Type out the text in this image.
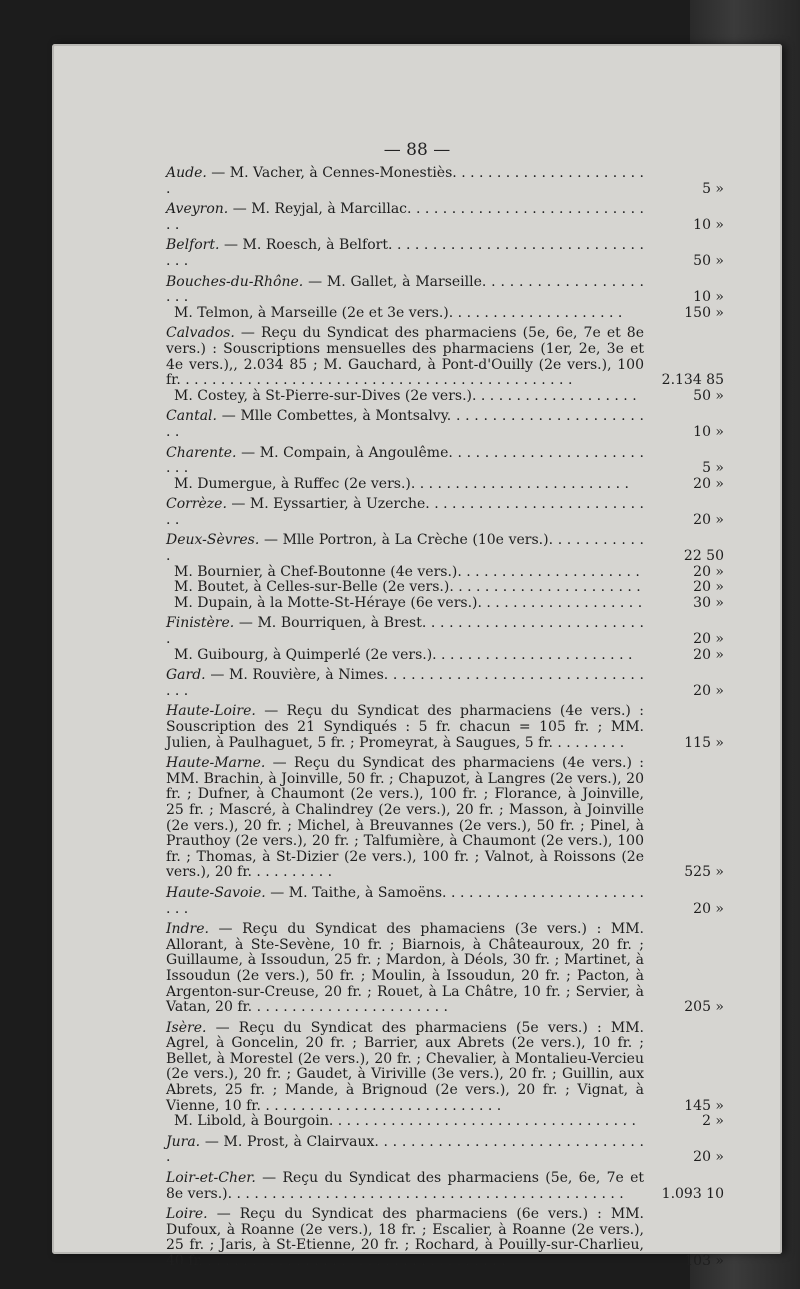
— 88 —
Aude. — M. Vacher, à Cennes-Monestiès. . . . . . . . . . . . . . . . . . . . . . .	5 »
Aveyron. — M. Reyjal, à Marcillac. . . . . . . . . . . . . . . . . . . . . . . . . . . . .	10 »
Belfort. — M. Roesch, à Belfort. . . . . . . . . . . . . . . . . . . . . . . . . . . . . . . .	50 »
Bouches-du-Rhône. — M. Gallet, à Marseille. . . . . . . . . . . . . . . . . . . . .	10 »
M. Telmon, à Marseille (2e et 3e vers.). . . . . . . . . . . . . . . . . . . .	150 »
Calvados. — Reçu du Syndicat des pharmaciens (5e, 6e, 7e et 8e vers.) : Souscriptions mensuelles des pharmaciens (1er, 2e, 3e et 4e vers.),, 2.034 85 ; M. Gauchard, à Pont-d'Ouilly (2e vers.), 100 fr. . . . . . . . . . . . . . . . . . . . . . . . . . . . . . . . . . . . . . . . . . . . .	2.134 85
M. Costey, à St-Pierre-sur-Dives (2e vers.). . . . . . . . . . . . . . . . . . .	50 »
Cantal. — Mlle Combettes, à Montsalvy. . . . . . . . . . . . . . . . . . . . . . . .	10 »
Charente. — M. Compain, à Angoulême. . . . . . . . . . . . . . . . . . . . . . . . .	5 »
M. Dumergue, à Ruffec (2e vers.). . . . . . . . . . . . . . . . . . . . . . . . .	20 »
Corrèze. — M. Eyssartier, à Uzerche. . . . . . . . . . . . . . . . . . . . . . . . . . .	20 »
Deux-Sèvres. — Mlle Portron, à La Crèche (10e vers.). . . . . . . . . . . .	22 50
M. Bournier, à Chef-Boutonne (4e vers.). . . . . . . . . . . . . . . . . . . . .	20 »
M. Boutet, à Celles-sur-Belle (2e vers.). . . . . . . . . . . . . . . . . . . . . .	20 »
M. Dupain, à la Motte-St-Héraye (6e vers.). . . . . . . . . . . . . . . . . . .	30 »
Finistère. — M. Bourriquen, à Brest. . . . . . . . . . . . . . . . . . . . . . . . . .	20 »
M. Guibourg, à Quimperlé (2e vers.). . . . . . . . . . . . . . . . . . . . . . .	20 »
Gard. — M. Rouvière, à Nimes. . . . . . . . . . . . . . . . . . . . . . . . . . . . . . . .	20 »
Haute-Loire. — Reçu du Syndicat des pharmaciens (4e vers.) : Souscription des 21 Syndiqués : 5 fr. chacun = 105 fr. ; MM. Julien, à Paulhaguet, 5 fr. ; Promeyrat, à Saugues, 5 fr. . . . . . . . .	115 »
Haute-Marne. — Reçu du Syndicat des pharmaciens (4e vers.) : MM. Brachin, à Joinville, 50 fr. ; Chapuzot, à Langres (2e vers.), 20 fr. ; Dufner, à Chaumont (2e vers.), 100 fr. ; Florance, à Joinville, 25 fr. ; Mascré, à Chalindrey (2e vers.), 20 fr. ; Masson, à Joinville (2e vers.), 20 fr. ; Michel, à Breuvannes (2e vers.), 50 fr. ; Pinel, à Prauthoy (2e vers.), 20 fr. ; Talfumière, à Chaumont (2e vers.), 100 fr. ; Thomas, à St-Dizier (2e vers.), 100 fr. ; Valnot, à Roissons (2e vers.), 20 fr. . . . . . . . . .	525 »
Haute-Savoie. — M. Taithe, à Samoëns. . . . . . . . . . . . . . . . . . . . . . . . . .	20 »
Indre. — Reçu du Syndicat des phamaciens (3e vers.) : MM. Allorant, à Ste-Sevène, 10 fr. ; Biarnois, à Châteauroux, 20 fr. ; Guillaume, à Issoudun, 25 fr. ; Mardon, à Déols, 30 fr. ; Martinet, à Issoudun (2e vers.), 50 fr. ; Moulin, à Issoudun, 20 fr. ; Pacton, à Argenton-sur-Creuse, 20 fr. ; Rouet, à La Châtre, 10 fr. ; Servier, à Vatan, 20 fr. . . . . . . . . . . . . . . . . . . . . . .	205 »
Isère. — Reçu du Syndicat des pharmaciens (5e vers.) : MM. Agrel, à Goncelin, 20 fr. ; Barrier, aux Abrets (2e vers.), 10 fr. ; Bellet, à Morestel (2e vers.), 20 fr. ; Chevalier, à Montalieu-Vercieu (2e vers.), 20 fr. ; Gaudet, à Viriville (3e vers.), 20 fr. ; Guillin, aux Abrets, 25 fr. ; Mande, à Brignoud (2e vers.), 20 fr. ; Vignat, à Vienne, 10 fr. . . . . . . . . . . . . . . . . . . . . . . . . . . .	145 »
M. Libold, à Bourgoin. . . . . . . . . . . . . . . . . . . . . . . . . . . . . . . . . . .	2 »
Jura. — M. Prost, à Clairvaux. . . . . . . . . . . . . . . . . . . . . . . . . . . . . . .	20 »
Loir-et-Cher. — Reçu du Syndicat des pharmaciens (5e, 6e, 7e et 8e vers.). . . . . . . . . . . . . . . . . . . . . . . . . . . . . . . . . . . . . . . . . . . . .	1.093 10
Loire. — Reçu du Syndicat des pharmaciens (6e vers.) : MM. Dufoux, à Roanne (2e vers.), 18 fr. ; Escalier, à Roanne (2e vers.), 25 fr. ; Jaris, à St-Etienne, 20 fr. ; Rochard, à Pouilly-sur-Charlieu, 40 fr. . . . . . . . . . . . . . . . . . . . . . . . . . . . . . . . . . .	103 »
